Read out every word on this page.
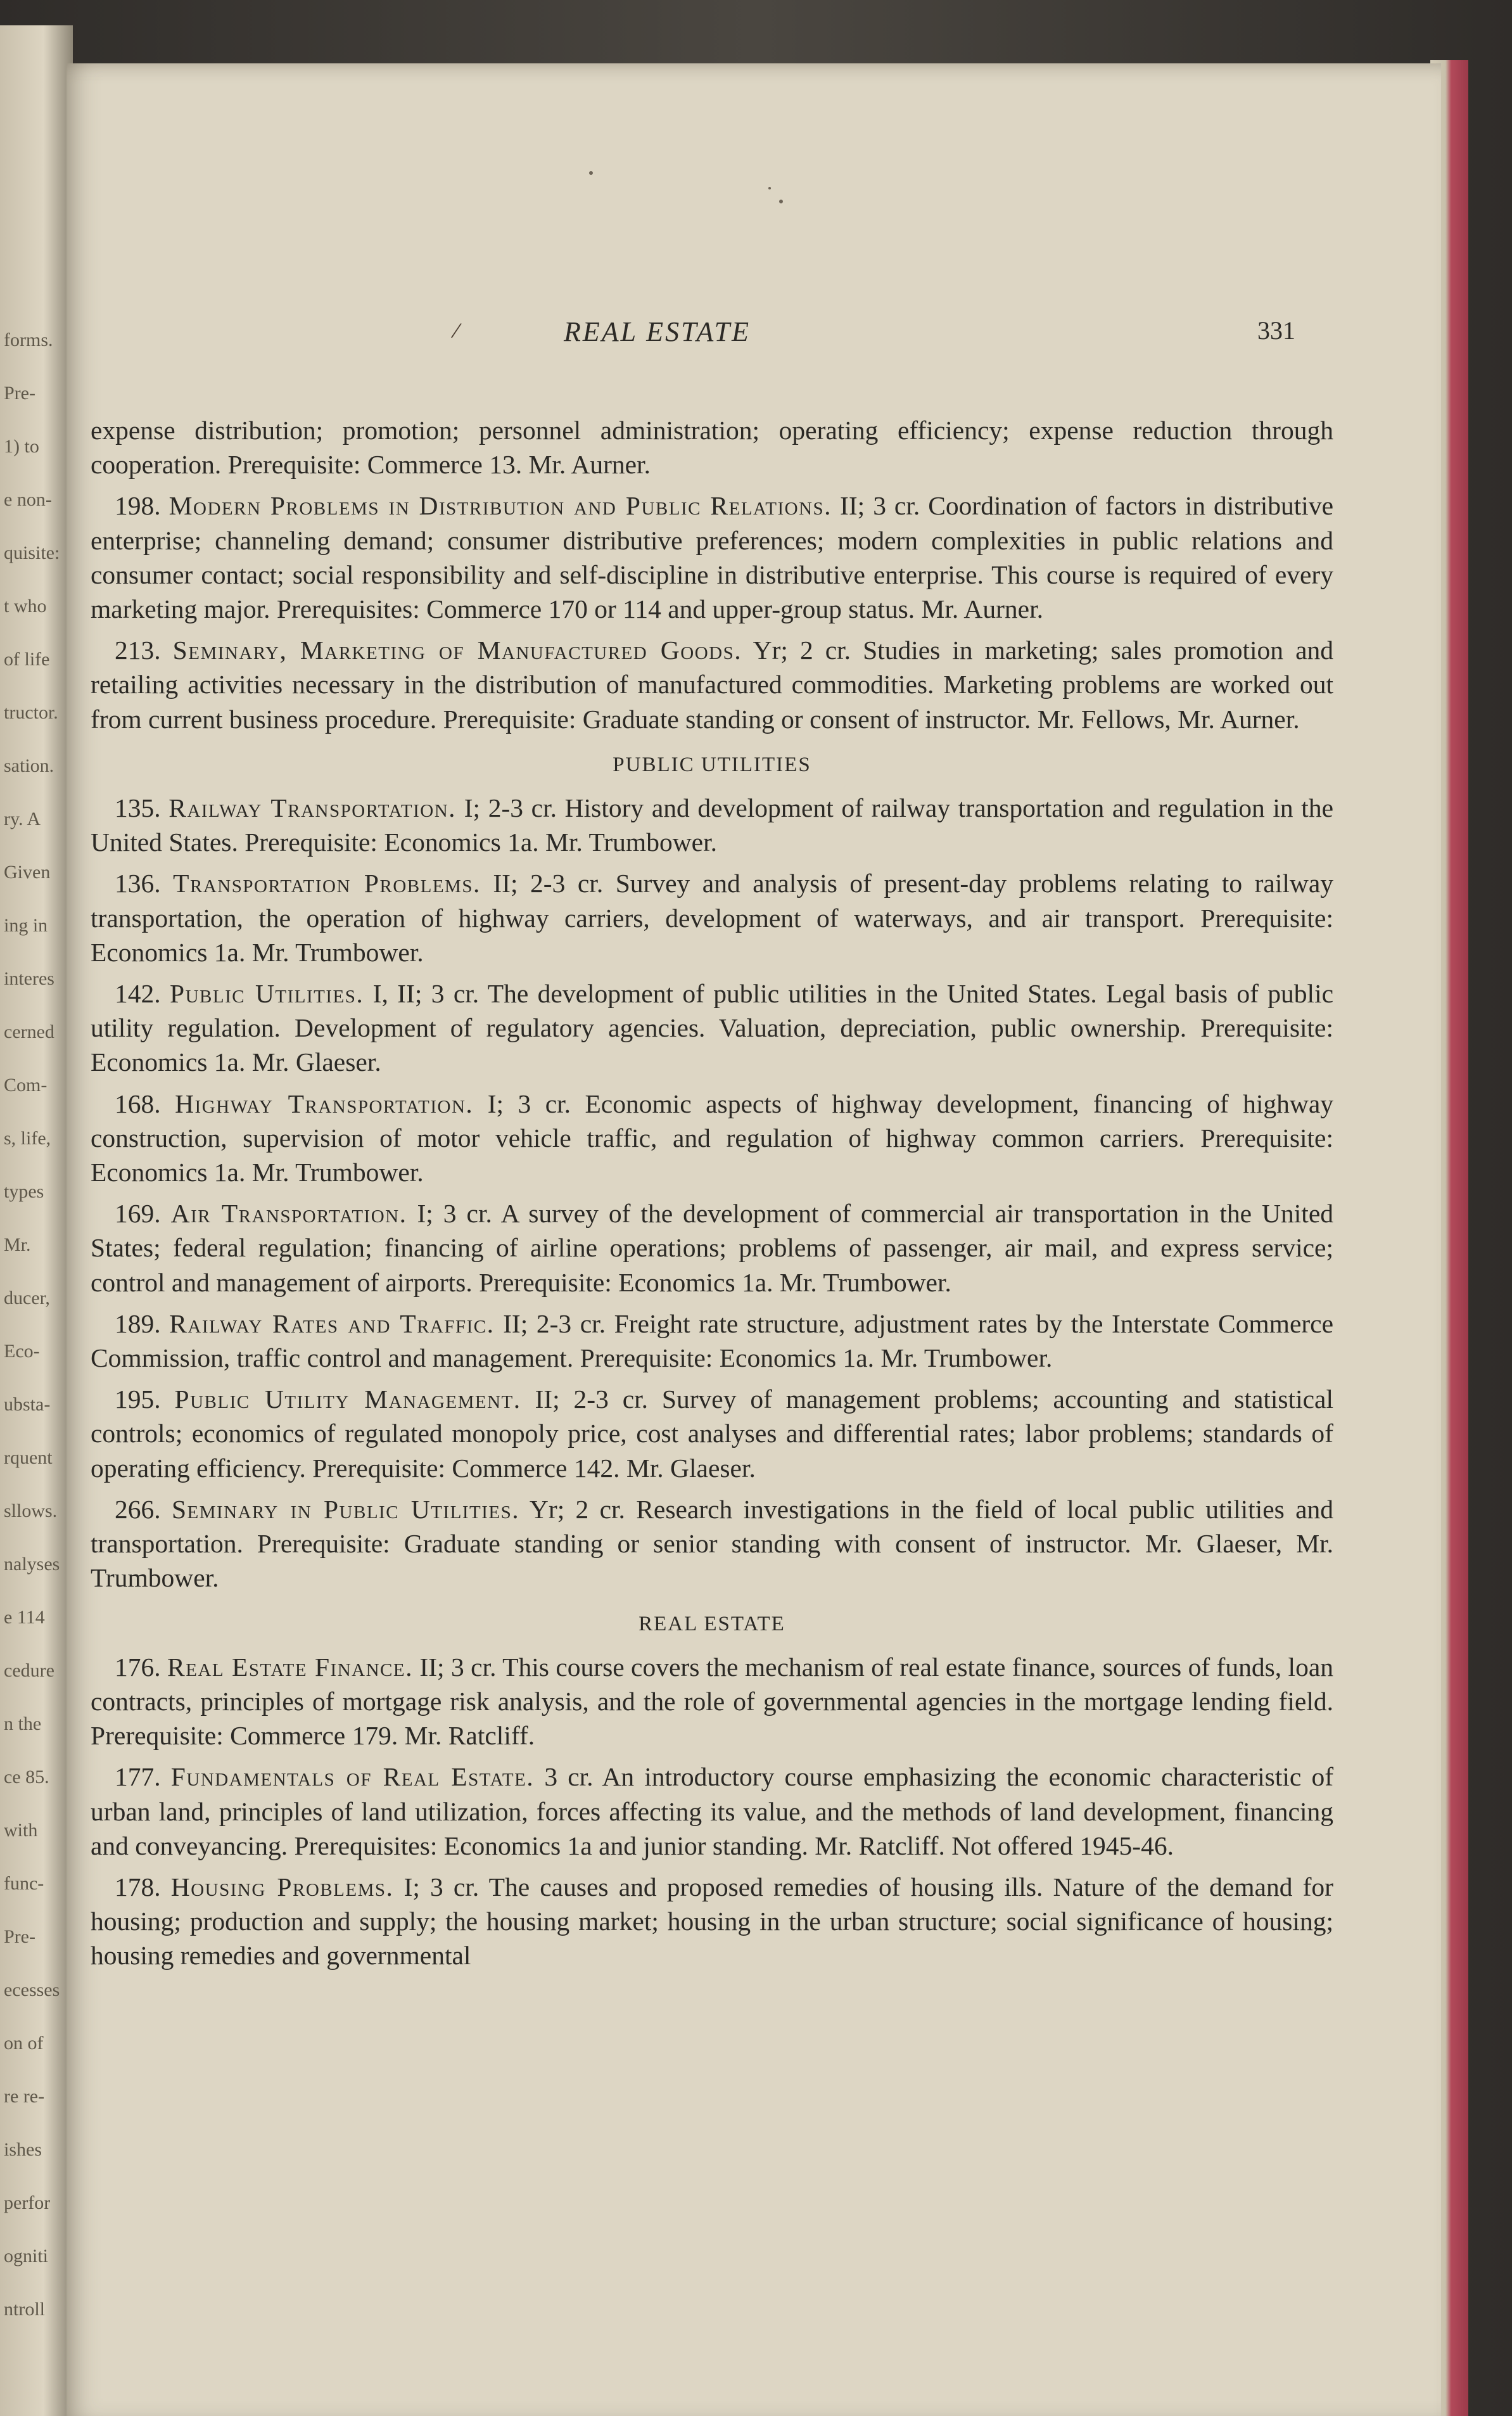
forms.
Pre-
1) to
e non-
quisite:
t who
of life
tructor.
sation.
ry. A
Given
ing in
interes
cerned
Com-
s, life,
types
Mr.
ducer,
Eco-
ubsta-
rquent
sllows.
nalyses
e 114
cedure
n the
ce 85.
with
func-
Pre-
ecesses
on of
re re-
ishes
perfor
ogniti
ntroll
/	REAL ESTATE	331

expense distribution; promotion; personnel administration; operating efficiency; expense reduction through cooperation. Prerequisite: Commerce 13. Mr. Aurner.

198. Modern Problems in Distribution and Public Relations. II; 3 cr. Coordination of factors in distributive enterprise; channeling demand; consumer distributive preferences; modern complexities in public relations and consumer contact; social responsibility and self-discipline in distributive enterprise. This course is required of every marketing major. Prerequisites: Commerce 170 or 114 and upper-group status. Mr. Aurner.

213. Seminary, Marketing of Manufactured Goods. Yr; 2 cr. Studies in marketing; sales promotion and retailing activities necessary in the distribution of manufactured commodities. Marketing problems are worked out from current business procedure. Prerequisite: Graduate standing or consent of instructor. Mr. Fellows, Mr. Aurner.

PUBLIC UTILITIES

135. Railway Transportation. I; 2-3 cr. History and development of railway transportation and regulation in the United States. Prerequisite: Economics 1a. Mr. Trumbower.

136. Transportation Problems. II; 2-3 cr. Survey and analysis of present-day problems relating to railway transportation, the operation of highway carriers, development of waterways, and air transport. Prerequisite: Economics 1a. Mr. Trumbower.

142. Public Utilities. I, II; 3 cr. The development of public utilities in the United States. Legal basis of public utility regulation. Development of regulatory agencies. Valuation, depreciation, public ownership. Prerequisite: Economics 1a. Mr. Glaeser.

168. Highway Transportation. I; 3 cr. Economic aspects of highway development, financing of highway construction, supervision of motor vehicle traffic, and regulation of highway common carriers. Prerequisite: Economics 1a. Mr. Trumbower.

169. Air Transportation. I; 3 cr. A survey of the development of commercial air transportation in the United States; federal regulation; financing of airline operations; problems of passenger, air mail, and express service; control and management of airports. Prerequisite: Economics 1a. Mr. Trumbower.

189. Railway Rates and Traffic. II; 2-3 cr. Freight rate structure, adjustment rates by the Interstate Commerce Commission, traffic control and management. Prerequisite: Economics 1a. Mr. Trumbower.

195. Public Utility Management. II; 2-3 cr. Survey of management problems; accounting and statistical controls; economics of regulated monopoly price, cost analyses and differential rates; labor problems; standards of operating efficiency. Prerequisite: Commerce 142. Mr. Glaeser.

266. Seminary in Public Utilities. Yr; 2 cr. Research investigations in the field of local public utilities and transportation. Prerequisite: Graduate standing or senior standing with consent of instructor. Mr. Glaeser, Mr. Trumbower.

REAL ESTATE

176. Real Estate Finance. II; 3 cr. This course covers the mechanism of real estate finance, sources of funds, loan contracts, principles of mortgage risk analysis, and the role of governmental agencies in the mortgage lending field. Prerequisite: Commerce 179. Mr. Ratcliff.

177. Fundamentals of Real Estate. 3 cr. An introductory course emphasizing the economic characteristic of urban land, principles of land utilization, forces affecting its value, and the methods of land development, financing and conveyancing. Prerequisites: Economics 1a and junior standing. Mr. Ratcliff. Not offered 1945-46.

178. Housing Problems. I; 3 cr. The causes and proposed remedies of housing ills. Nature of the demand for housing; production and supply; the housing market; housing in the urban structure; social significance of housing; housing remedies and governmental
